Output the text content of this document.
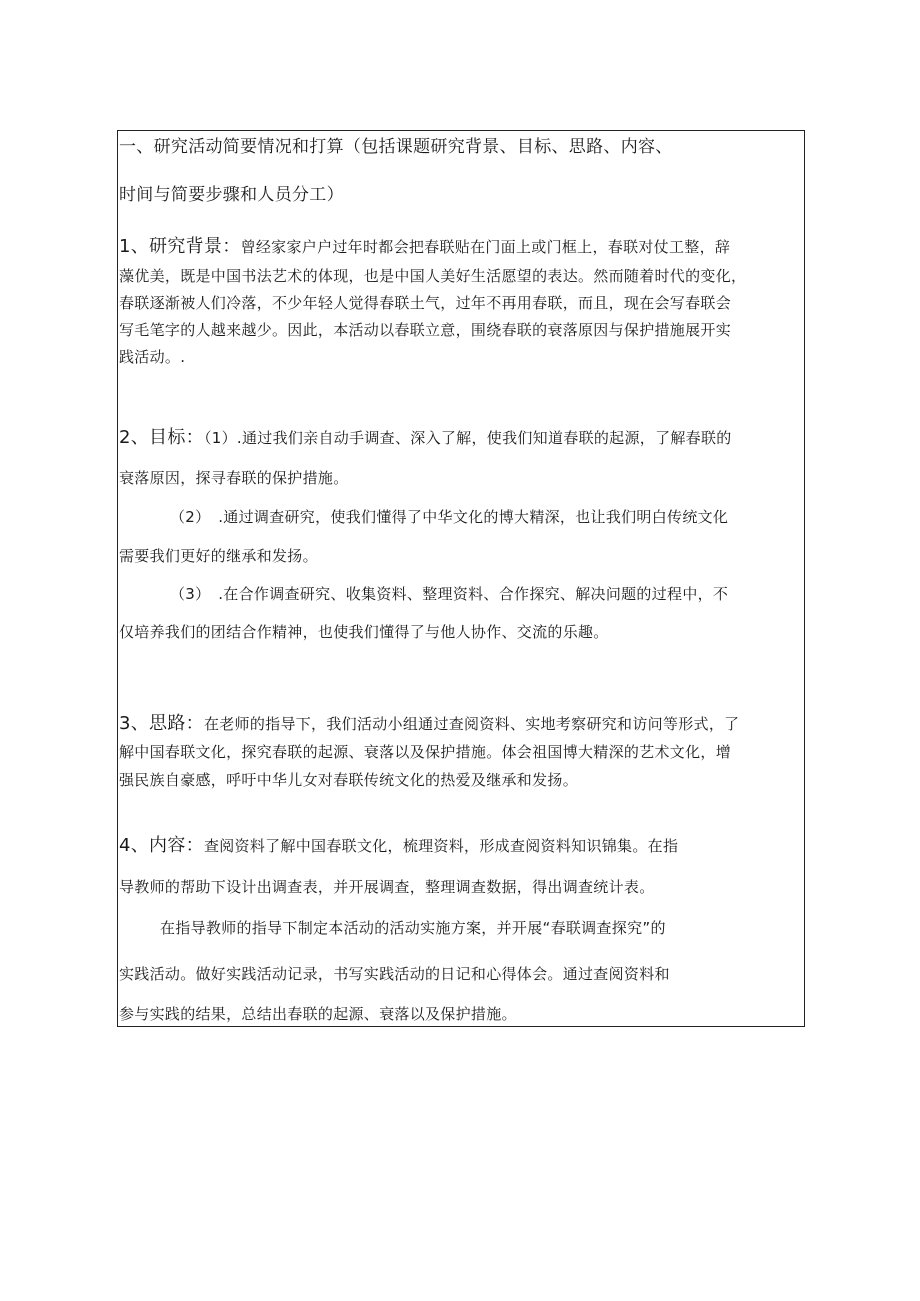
一、研究活动简要情况和打算（包括课题研究背景、目标、思路、内容、
时间与简要步骤和人员分工）
1、研究背景：曾经家家户户过年时都会把春联贴在门面上或门框上，春联对仗工整，辞
藻优美，既是中国书法艺术的体现，也是中国人美好生活愿望的表达。然而随着时代的变化，
春联逐渐被人们冷落，不少年轻人觉得春联土气，过年不再用春联，而且，现在会写春联会
写毛笔字的人越来越少。因此，本活动以春联立意，围绕春联的衰落原因与保护措施展开实
践活动。.
2、目标：（1）.通过我们亲自动手调查、深入了解，使我们知道春联的起源，了解春联的
衰落原因，探寻春联的保护措施。
（2）　.通过调查研究，使我们懂得了中华文化的博大精深，也让我们明白传统文化
需要我们更好的继承和发扬。
（3）　.在合作调查研究、收集资料、整理资料、合作探究、解决问题的过程中，不
仅培养我们的团结合作精神，也使我们懂得了与他人协作、交流的乐趣。
3、思路：在老师的指导下，我们活动小组通过查阅资料、实地考察研究和访问等形式，了
解中国春联文化，探究春联的起源、衰落以及保护措施。体会祖国博大精深的艺术文化，增
强民族自豪感，呼吁中华儿女对春联传统文化的热爱及继承和发扬。
4、内容：查阅资料了解中国春联文化，梳理资料，形成查阅资料知识锦集。在指
导教师的帮助下设计出调查表，并开展调查，整理调查数据，得出调查统计表。
在指导教师的指导下制定本活动的活动实施方案，并开展“春联调查探究”的
实践活动。做好实践活动记录，书写实践活动的日记和心得体会。通过查阅资料和
参与实践的结果，总结出春联的起源、衰落以及保护措施。
